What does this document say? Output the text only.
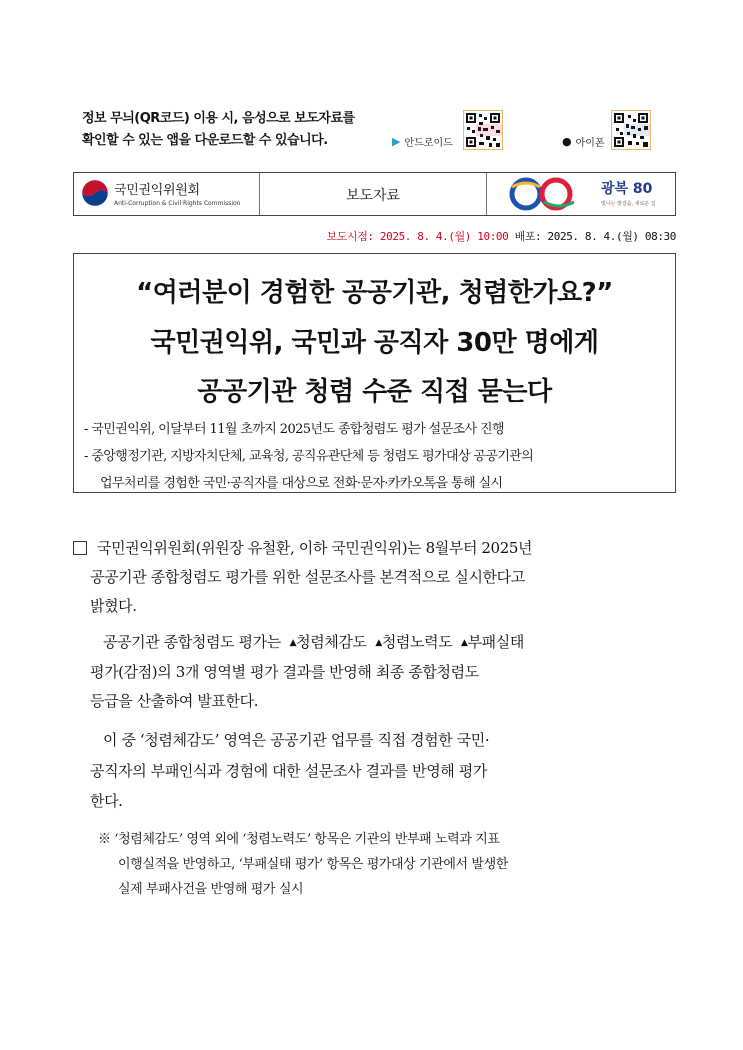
정보 무늬(QR코드) 이용 시, 음성으로 보도자료를
확인할 수 있는 앱을 다운로드할 수 있습니다.	▶ 안드로이드	● 아이폰
국민권익위원회
Anti-Corruption & Civil Rights Commission	보도자료	광복 80
빛나는 발걸음, 새로운 길
보도시점: 2025. 8. 4.(월) 10:00 배포: 2025. 8. 4.(월) 08:30
“여러분이 경험한 공공기관, 청렴한가요?”
국민권익위, 국민과 공직자 30만 명에게
공공기관 청렴 수준 직접 묻는다
- 국민권익위, 이달부터 11월 초까지 2025년도 종합청렴도 평가 설문조사 진행
- 중앙행정기관, 지방자치단체, 교육청, 공직유관단체 등 청렴도 평가대상 공공기관의
업무처리를 경험한 국민·공직자를 대상으로 전화·문자·카카오톡을 통해 실시
국민권익위원회(위원장 유철환, 이하 국민권익위)는 8월부터 2025년
공공기관 종합청렴도 평가를 위한 설문조사를 본격적으로 실시한다고
밝혔다.
공공기관 종합청렴도 평가는 ▲청렴체감도 ▲청렴노력도 ▲부패실태
평가(감점)의 3개 영역별 평가 결과를 반영해 최종 종합청렴도
등급을 산출하여 발표한다.
이 중 ‘청렴체감도’ 영역은 공공기관 업무를 직접 경험한 국민·
공직자의 부패인식과 경험에 대한 설문조사 결과를 반영해 평가
한다.
※ ‘청렴체감도’ 영역 외에 ‘청렴노력도’ 항목은 기관의 반부패 노력과 지표
이행실적을 반영하고, ‘부패실태 평가’ 항목은 평가대상 기관에서 발생한
실제 부패사건을 반영해 평가 실시
